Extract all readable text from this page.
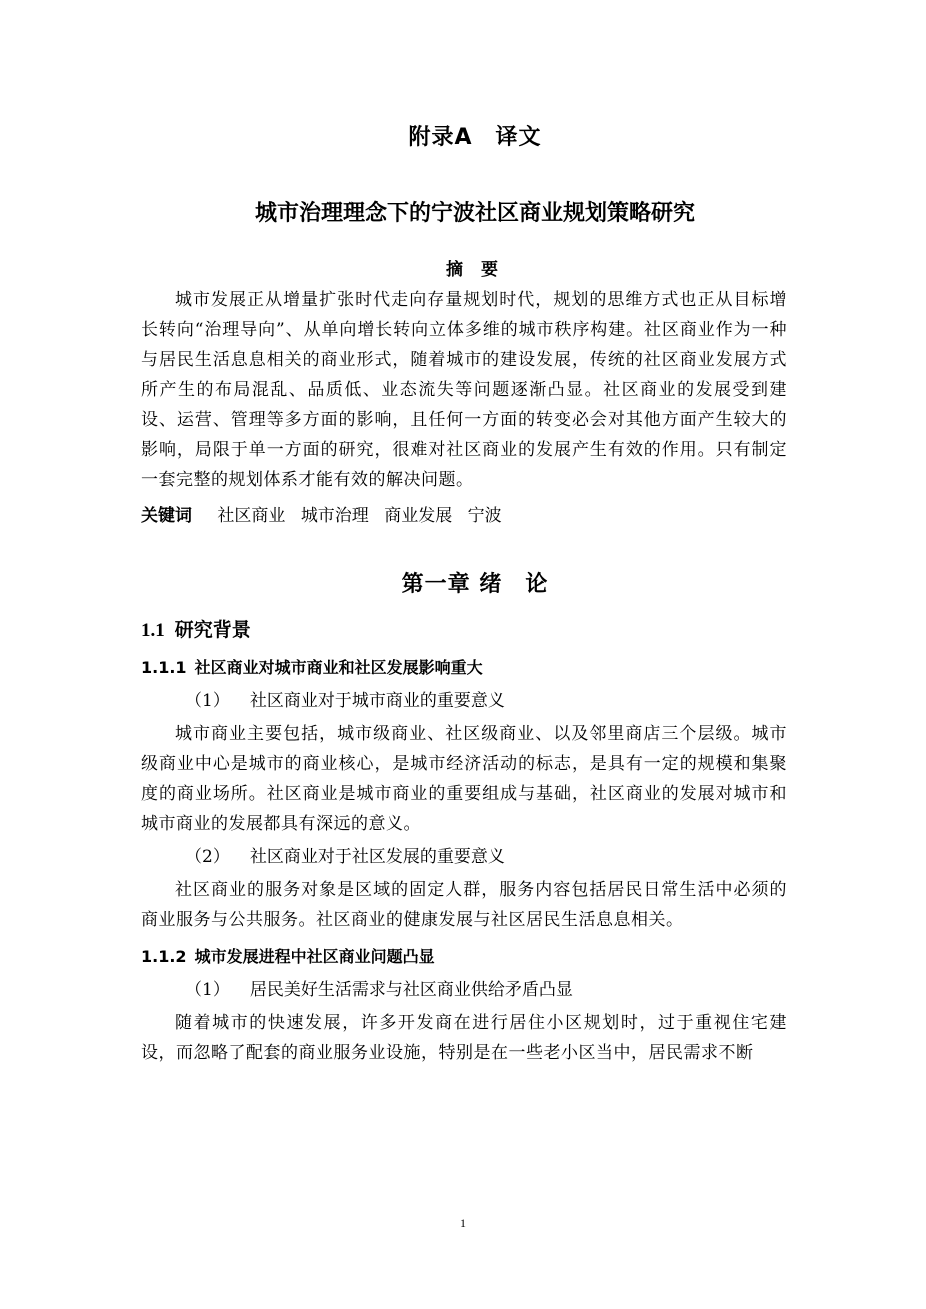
附录A　译文
城市治理理念下的宁波社区商业规划策略研究
摘 要

城市发展正从增量扩张时代走向存量规划时代，规划的思维方式也正从目标增长转向“治理导向”、从单向增长转向立体多维的城市秩序构建。社区商业作为一种与居民生活息息相关的商业形式，随着城市的建设发展，传统的社区商业发展方式所产生的布局混乱、品质低、业态流失等问题逐渐凸显。社区商业的发展受到建设、运营、管理等多方面的影响，且任何一方面的转变必会对其他方面产生较大的影响，局限于单一方面的研究，很难对社区商业的发展产生有效的作用。只有制定一套完整的规划体系才能有效的解决问题。

关键词 社区商业 城市治理 商业发展 宁波
第一章 绪　论
1.1 研究背景
1.1.1 社区商业对城市商业和社区发展影响重大
（1） 社区商业对于城市商业的重要意义

城市商业主要包括，城市级商业、社区级商业、以及邻里商店三个层级。城市级商业中心是城市的商业核心，是城市经济活动的标志，是具有一定的规模和集聚度的商业场所。社区商业是城市商业的重要组成与基础，社区商业的发展对城市和城市商业的发展都具有深远的意义。

（2） 社区商业对于社区发展的重要意义

社区商业的服务对象是区域的固定人群，服务内容包括居民日常生活中必须的商业服务与公共服务。社区商业的健康发展与社区居民生活息息相关。

1.1.2 城市发展进程中社区商业问题凸显
（1） 居民美好生活需求与社区商业供给矛盾凸显

随着城市的快速发展，许多开发商在进行居住小区规划时，过于重视住宅建设，而忽略了配套的商业服务业设施，特别是在一些老小区当中，居民需求不断

1
